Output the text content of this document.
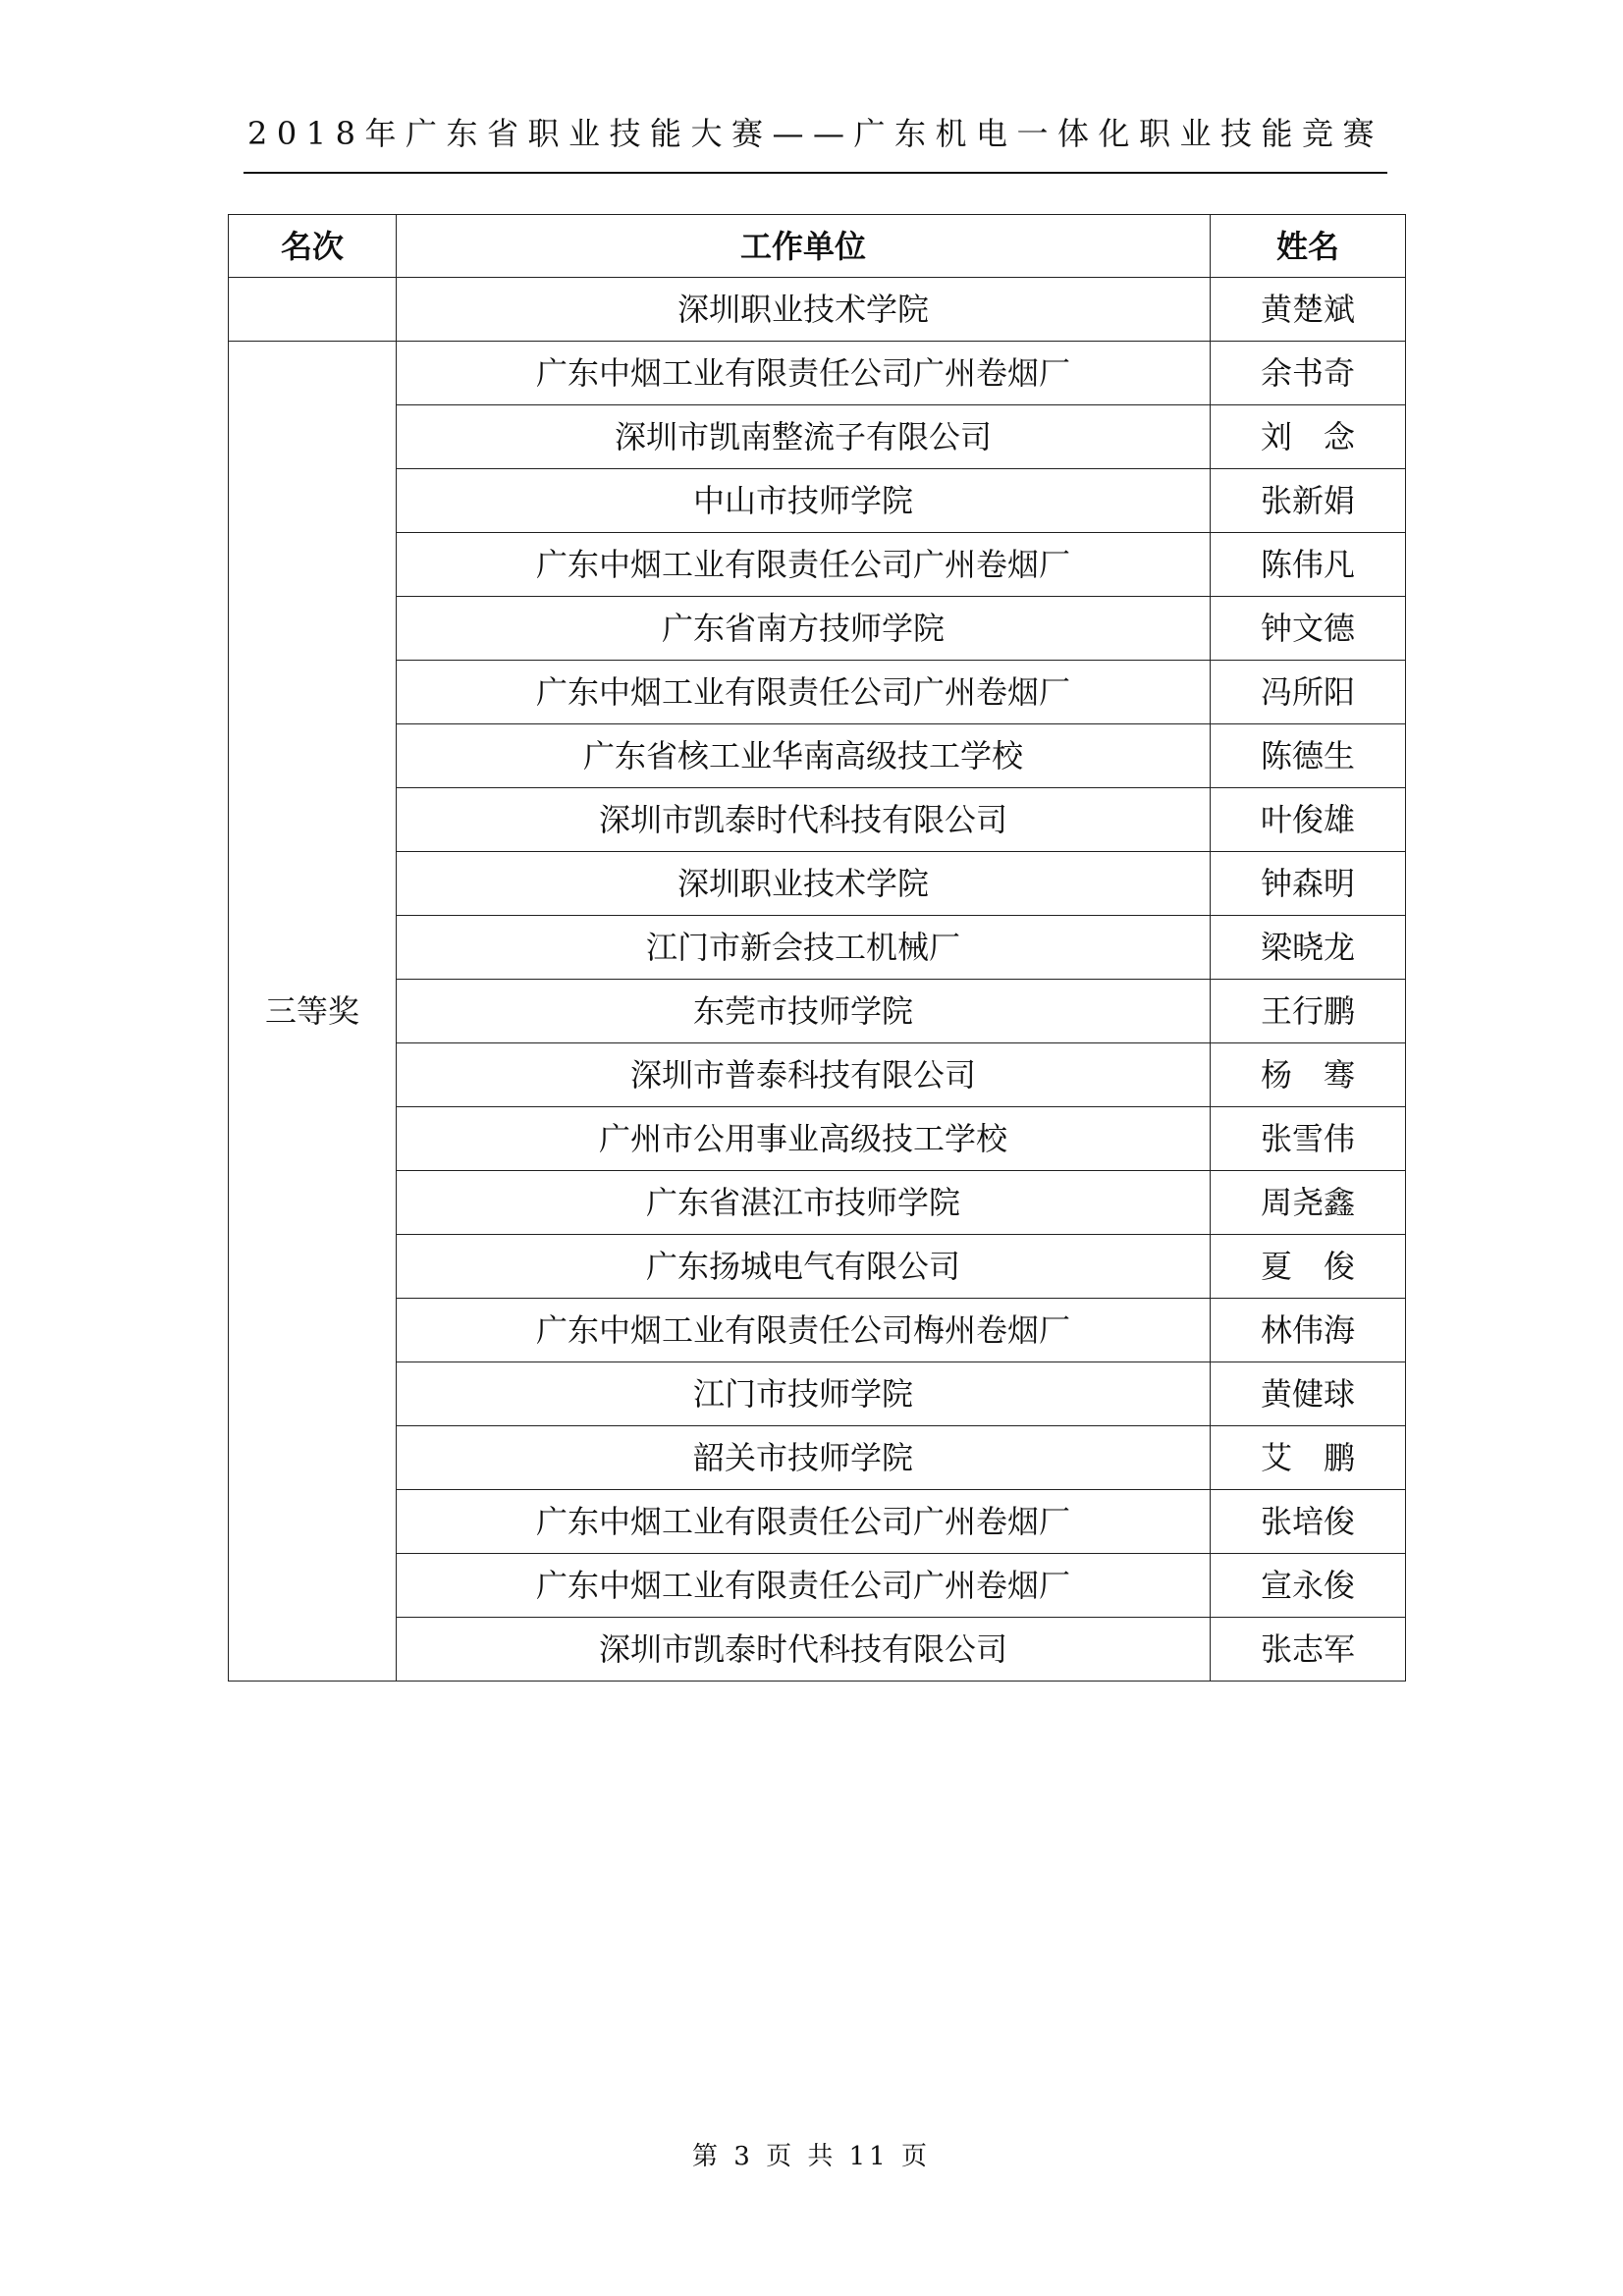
2018年广东省职业技能大赛——广东机电一体化职业技能竞赛
名次	工作单位	姓名
	深圳职业技术学院	黄楚斌
三等奖	广东中烟工业有限责任公司广州卷烟厂	余书奇
	深圳市凯南整流子有限公司	刘　念
	中山市技师学院	张新娟
	广东中烟工业有限责任公司广州卷烟厂	陈伟凡
	广东省南方技师学院	钟文德
	广东中烟工业有限责任公司广州卷烟厂	冯所阳
	广东省核工业华南高级技工学校	陈德生
	深圳市凯泰时代科技有限公司	叶俊雄
	深圳职业技术学院	钟森明
	江门市新会技工机械厂	梁晓龙
	东莞市技师学院	王行鹏
	深圳市普泰科技有限公司	杨　骞
	广州市公用事业高级技工学校	张雪伟
	广东省湛江市技师学院	周尧鑫
	广东扬城电气有限公司	夏　俊
	广东中烟工业有限责任公司梅州卷烟厂	林伟海
	江门市技师学院	黄健球
	韶关市技师学院	艾　鹏
	广东中烟工业有限责任公司广州卷烟厂	张培俊
	广东中烟工业有限责任公司广州卷烟厂	宣永俊
	深圳市凯泰时代科技有限公司	张志军
第 3 页 共 11 页
